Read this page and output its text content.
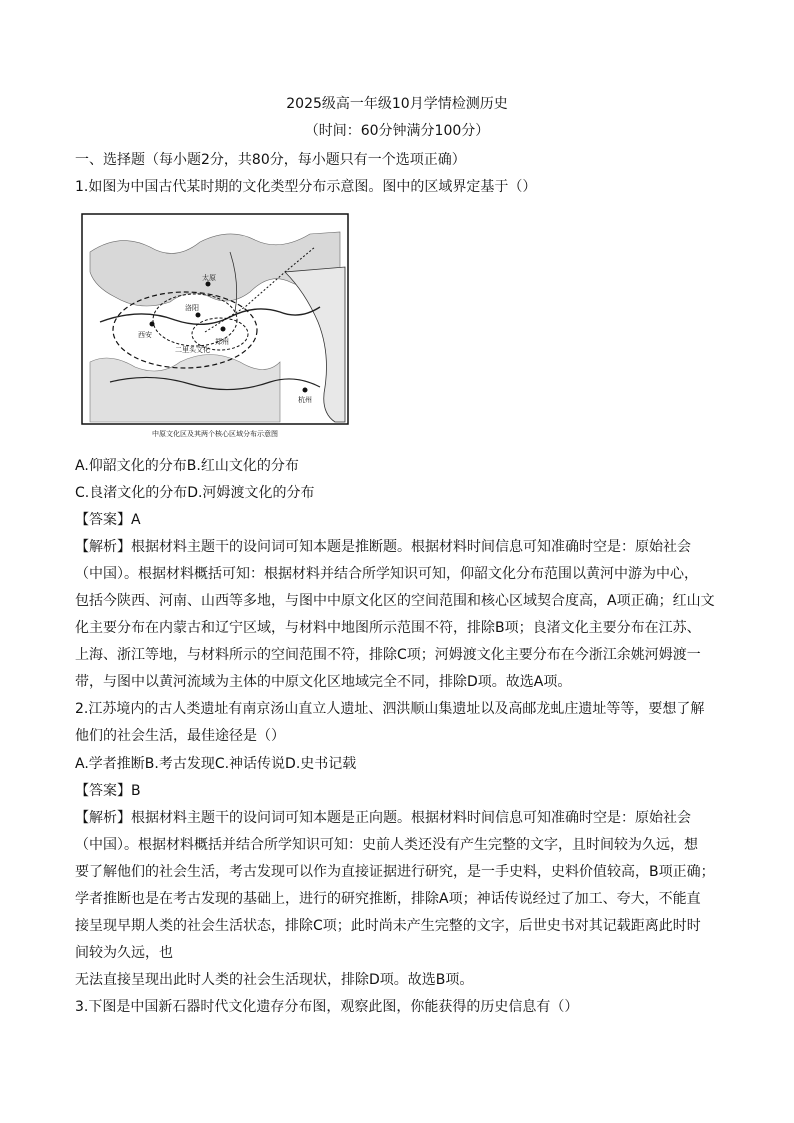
2025级高一年级10月学情检测历史
（时间：60分钟满分100分）
一、选择题（每小题2分，共80分，每小题只有一个选项正确）
1.如图为中国古代某时期的文化类型分布示意图。图中的区域界定基于（）
西安
洛阳
郑州
太原
二里头文化
杭州
中原文化区及其两个核心区域分布示意图
A.仰韶文化的分布B.红山文化的分布
C.良渚文化的分布D.河姆渡文化的分布
【答案】A
【解析】根据材料主题干的设问词可知本题是推断题。根据材料时间信息可知准确时空是：原始社会
（中国）。根据材料概括可知：根据材料并结合所学知识可知，仰韶文化分布范围以黄河中游为中心，
包括今陕西、河南、山西等多地，与图中中原文化区的空间范围和核心区域契合度高，A项正确；红山文
化主要分布在内蒙古和辽宁区域，与材料中地图所示范围不符，排除B项；良渚文化主要分布在江苏、
上海、浙江等地，与材料所示的空间范围不符，排除C项；河姆渡文化主要分布在今浙江余姚河姆渡一
带，与图中以黄河流域为主体的中原文化区地域完全不同，排除D项。故选A项。
2.江苏境内的古人类遗址有南京汤山直立人遗址、泗洪顺山集遗址以及高邮龙虬庄遗址等等，要想了解
他们的社会生活，最佳途径是（）
A.学者推断B.考古发现C.神话传说D.史书记载
【答案】B
【解析】根据材料主题干的设问词可知本题是正向题。根据材料时间信息可知准确时空是：原始社会
（中国）。根据材料概括并结合所学知识可知：史前人类还没有产生完整的文字，且时间较为久远，想
要了解他们的社会生活，考古发现可以作为直接证据进行研究，是一手史料，史料价值较高，B项正确；
学者推断也是在考古发现的基础上，进行的研究推断，排除A项；神话传说经过了加工、夸大，不能直
接呈现早期人类的社会生活状态，排除C项；此时尚未产生完整的文字，后世史书对其记载距离此时时
间较为久远，也
无法直接呈现出此时人类的社会生活现状，排除D项。故选B项。
3.下图是中国新石器时代文化遗存分布图，观察此图，你能获得的历史信息有（）
